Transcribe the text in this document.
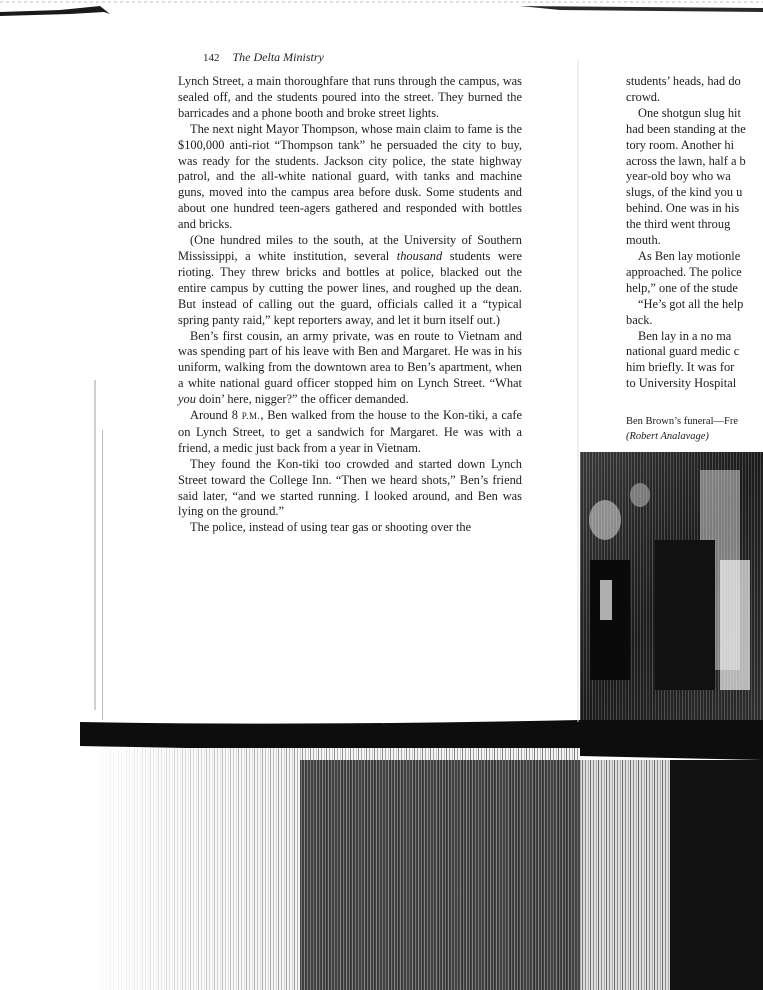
142 The Delta Ministry

Lynch Street, a main thoroughfare that runs through the campus, was sealed off, and the students poured into the street. They burned the barricades and a phone booth and broke street lights.

The next night Mayor Thompson, whose main claim to fame is the $100,000 anti-riot “Thompson tank” he persuaded the city to buy, was ready for the students. Jackson city police, the state highway patrol, and the all-white national guard, with tanks and machine guns, moved into the campus area before dusk. Some students and about one hundred teen-agers gathered and responded with bottles and bricks.

(One hundred miles to the south, at the University of Southern Mississippi, a white institution, several thousand students were rioting. They threw bricks and bottles at police, blacked out the entire campus by cutting the power lines, and roughed up the dean. But instead of calling out the guard, officials called it a “typical spring panty raid,” kept reporters away, and let it burn itself out.)

Ben’s first cousin, an army private, was en route to Vietnam and was spending part of his leave with Ben and Margaret. He was in his uniform, walking from the downtown area to Ben’s apartment, when a white national guard officer stopped him on Lynch Street. “What you doin’ here, nigger?” the officer demanded.

Around 8 P.M., Ben walked from the house to the Kon-tiki, a cafe on Lynch Street, to get a sandwich for Margaret. He was with a friend, a medic just back from a year in Vietnam.

They found the Kon-tiki too crowded and started down Lynch Street toward the College Inn. “Then we heard shots,” Ben’s friend said later, “and we started running. I looked around, and Ben was lying on the ground.”

The police, instead of using tear gas or shooting over the

students’ heads, had do

crowd.

One shotgun slug hit

had been standing at the

tory room. Another hi

across the lawn, half a b

year-old boy who wa

slugs, of the kind you u

behind. One was in his

the third went throug

mouth.

As Ben lay motionle

approached. The police

help,” one of the stude

“He’s got all the help

back.

Ben lay in a no ma

national guard medic c

him briefly. It was for

to University Hospital

Ben Brown’s funeral—Fre
(Robert Analavage)
